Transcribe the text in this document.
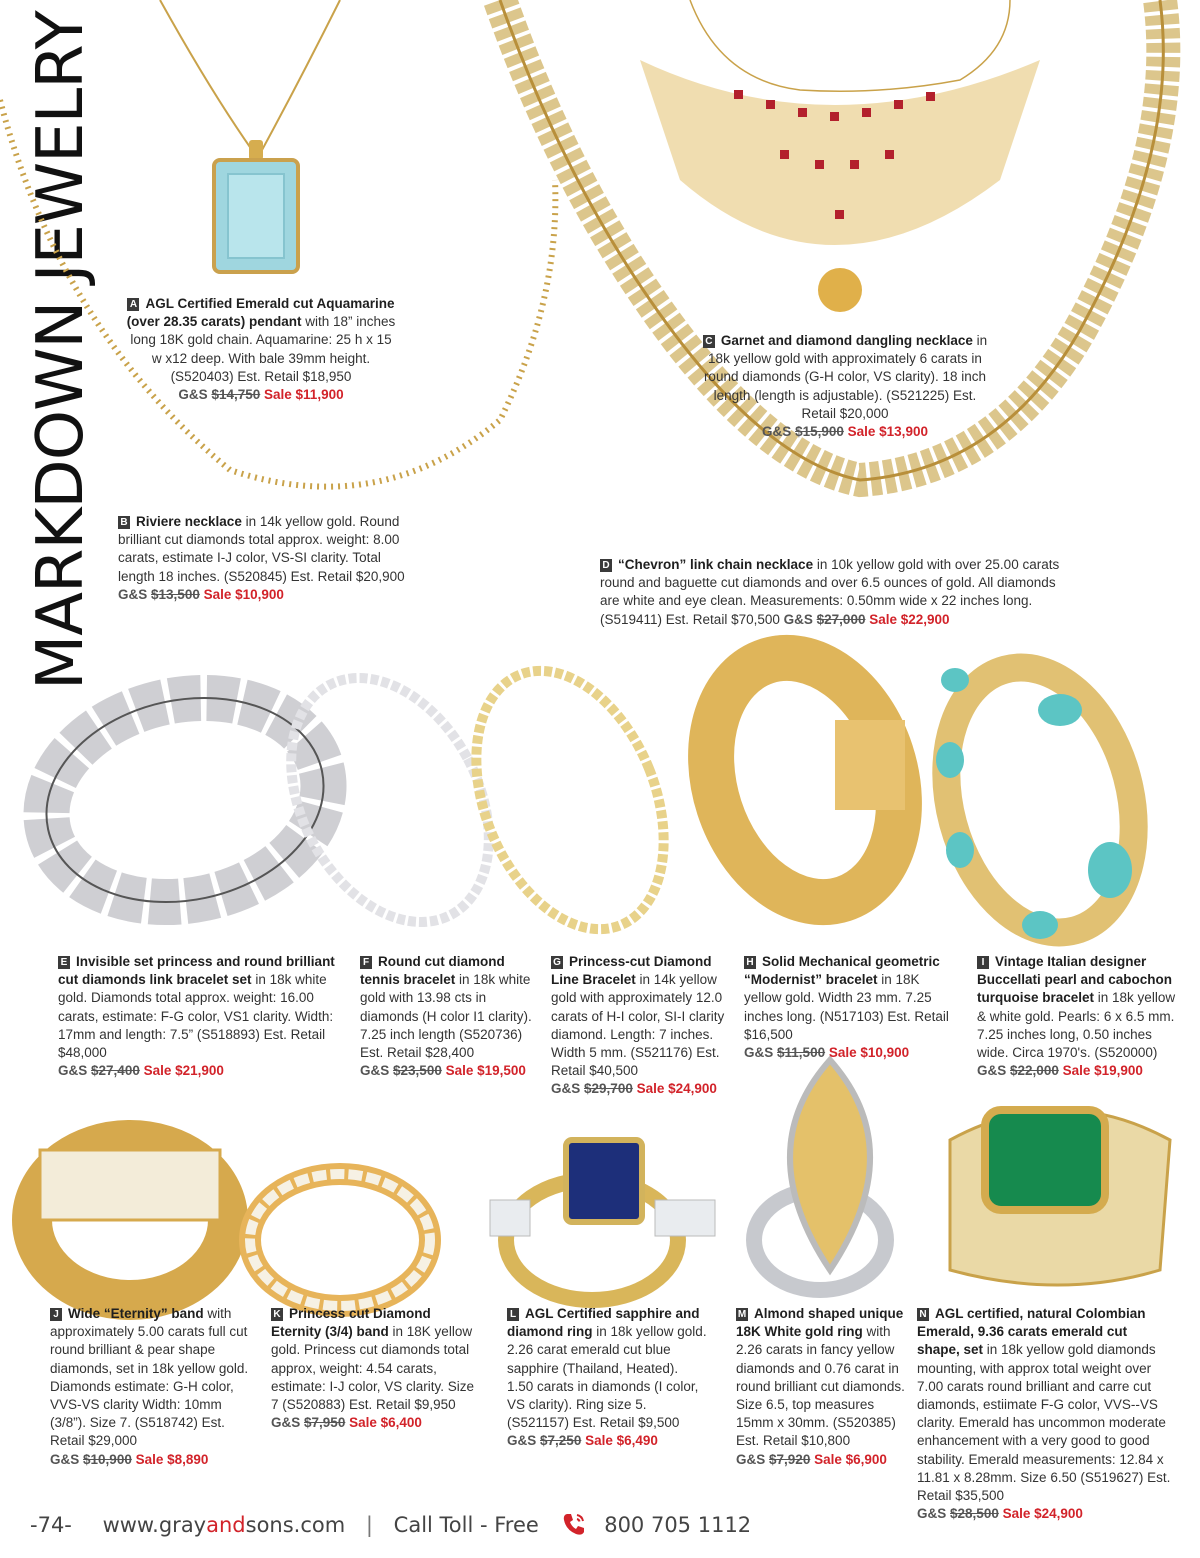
MARKDOWN JEWELRY	A AGL Certified Emerald cut Aquamarine (over 28.35 carats) pendant with 18” inches long 18K gold chain. Aquamarine: 25 h x 15 w x12 deep. With bale 39mm height. (S520403) Est. Retail $18,950
G&S $14,750 Sale $11,900
B Riviere necklace in 14k yellow gold. Round brilliant cut diamonds total approx. weight: 8.00 carats, estimate I-J color, VS-SI clarity. Total length 18 inches. (S520845) Est. Retail $20,900
G&S $13,500 Sale $10,900
C Garnet and diamond dangling necklace in 18k yellow gold with approximately 6 carats in round diamonds (G-H color, VS clarity). 18 inch length (length is adjustable). (S521225) Est. Retail $20,000
G&S $15,900 Sale $13,900
D “Chevron” link chain necklace in 10k yellow gold with over 25.00 carats round and baguette cut diamonds and over 6.5 ounces of gold. All diamonds are white and eye clean. Measurements: 0.50mm wide x 22 inches long. (S519411) Est. Retail $70,500 G&S $27,000 Sale $22,900
E Invisible set princess and round brilliant cut diamonds link bracelet set in 18k white gold. Diamonds total approx. weight: 16.00 carats, estimate: F-G color, VS1 clarity. Width: 17mm and length: 7.5” (S518893) Est. Retail $48,000
G&S $27,400 Sale $21,900
F Round cut diamond tennis bracelet in 18k white gold with 13.98 cts in diamonds (H color I1 clarity). 7.25 inch length (S520736) Est. Retail $28,400
G&S $23,500 Sale $19,500
G Princess-cut Diamond Line Bracelet in 14k yellow gold with approximately 12.0 carats of H-I color, SI-I clarity diamond. Length: 7 inches. Width 5 mm. (S521176) Est. Retail $40,500
G&S $29,700 Sale $24,900
H Solid Mechanical geometric “Modernist” bracelet in 18K yellow gold. Width 23 mm. 7.25 inches long. (N517103) Est. Retail $16,500
G&S $11,500 Sale $10,900
I Vintage Italian designer Buccellati pearl and cabochon turquoise bracelet in 18k yellow & white gold. Pearls: 6 x 6.5 mm. 7.25 inches long, 0.50 inches wide. Circa 1970's. (S520000)
G&S $22,000 Sale $19,900
J Wide “Eternity” band with approximately 5.00 carats full cut round brilliant & pear shape diamonds, set in 18k yellow gold. Diamonds estimate: G-H color, VVS-VS clarity Width: 10mm (3/8”). Size 7. (S518742) Est. Retail $29,000
G&S $10,900 Sale $8,890
K Princess cut Diamond Eternity (3/4) band in 18K yellow gold. Princess cut diamonds total approx, weight: 4.54 carats, estimate: I-J color, VS clarity. Size 7 (S520883) Est. Retail $9,950
G&S $7,950 Sale $6,400
L AGL Certified sapphire and diamond ring in 18k yellow gold. 2.26 carat emerald cut blue sapphire (Thailand, Heated). 1.50 carats in diamonds (I color, VS clarity). Ring size 5. (S521157) Est. Retail $9,500
G&S $7,250 Sale $6,490
M Almond shaped unique 18K White gold ring with 2.26 carats in fancy yellow diamonds and 0.76 carat in round brilliant cut diamonds. Size 6.5, top measures 15mm x 30mm. (S520385) Est. Retail $10,800
G&S $7,920 Sale $6,900
N AGL certified, natural Colombian Emerald, 9.36 carats emerald cut shape, set in 18k yellow gold diamonds mounting, with approx total weight over 7.00 carats round brilliant and carre cut diamonds, estiimate F-G color, VVS--VS clarity. Emerald has uncommon moderate enhancement with a very good to good stability. Emerald measurements: 12.84 x 11.81 x 8.28mm. Size 6.50 (S519627) Est. Retail $35,500
G&S $28,500 Sale $24,900
-74- www.grayandsons.com | Call Toll - Free	800 705 1112
